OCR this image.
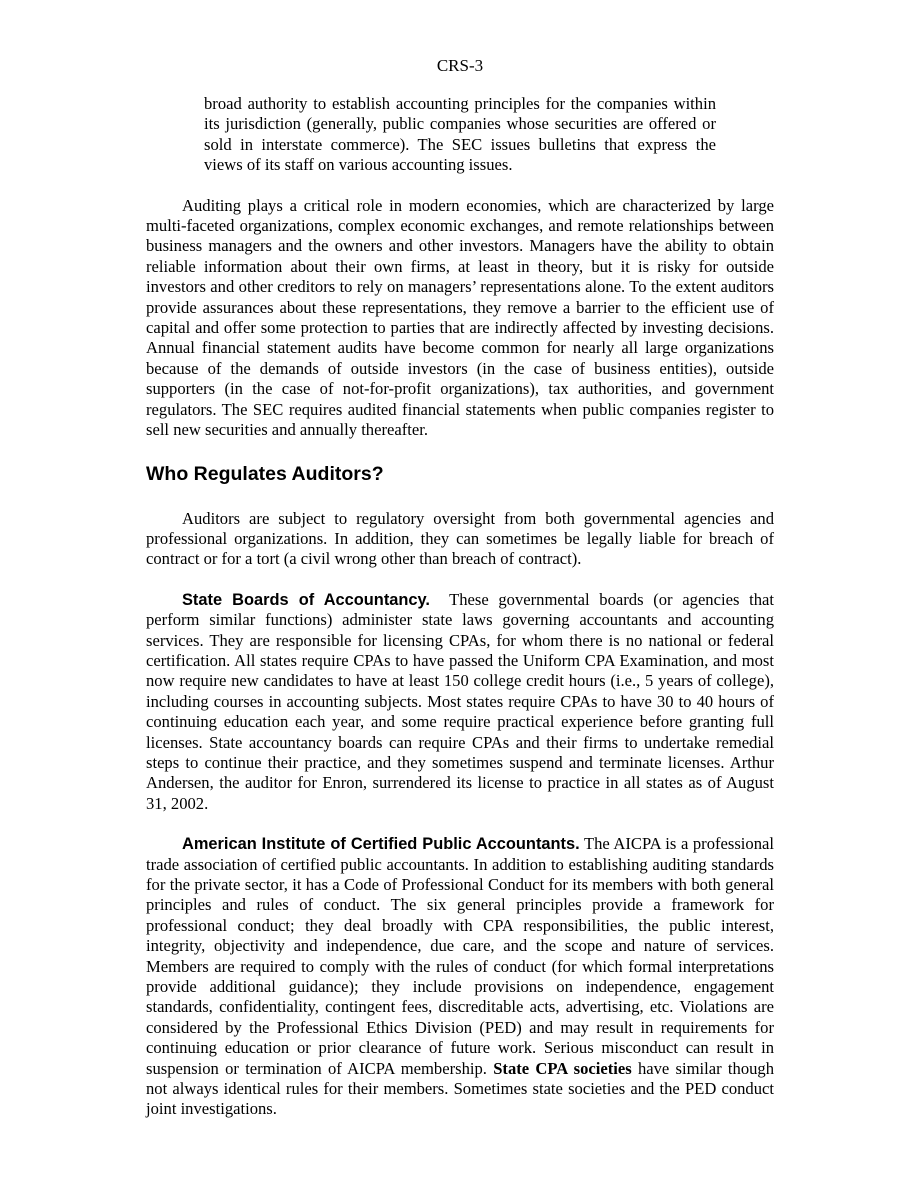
CRS-3

broad authority to establish accounting principles for the companies within its jurisdiction (generally, public companies whose securities are offered or sold in interstate commerce). The SEC issues bulletins that express the views of its staff on various accounting issues.

Auditing plays a critical role in modern economies, which are characterized by large multi-faceted organizations, complex economic exchanges, and remote relationships between business managers and the owners and other investors. Managers have the ability to obtain reliable information about their own firms, at least in theory, but it is risky for outside investors and other creditors to rely on managers’ representations alone. To the extent auditors provide assurances about these representations, they remove a barrier to the efficient use of capital and offer some protection to parties that are indirectly affected by investing decisions. Annual financial statement audits have become common for nearly all large organizations because of the demands of outside investors (in the case of business entities), outside supporters (in the case of not-for-profit organizations), tax authorities, and government regulators. The SEC requires audited financial statements when public companies register to sell new securities and annually thereafter.

Who Regulates Auditors?

Auditors are subject to regulatory oversight from both governmental agencies and professional organizations. In addition, they can sometimes be legally liable for breach of contract or for a tort (a civil wrong other than breach of contract).

State Boards of Accountancy. These governmental boards (or agencies that perform similar functions) administer state laws governing accountants and accounting services. They are responsible for licensing CPAs, for whom there is no national or federal certification. All states require CPAs to have passed the Uniform CPA Examination, and most now require new candidates to have at least 150 college credit hours (i.e., 5 years of college), including courses in accounting subjects. Most states require CPAs to have 30 to 40 hours of continuing education each year, and some require practical experience before granting full licenses. State accountancy boards can require CPAs and their firms to undertake remedial steps to continue their practice, and they sometimes suspend and terminate licenses. Arthur Andersen, the auditor for Enron, surrendered its license to practice in all states as of August 31, 2002.

American Institute of Certified Public Accountants. The AICPA is a professional trade association of certified public accountants. In addition to establishing auditing standards for the private sector, it has a Code of Professional Conduct for its members with both general principles and rules of conduct. The six general principles provide a framework for professional conduct; they deal broadly with CPA responsibilities, the public interest, integrity, objectivity and independence, due care, and the scope and nature of services. Members are required to comply with the rules of conduct (for which formal interpretations provide additional guidance); they include provisions on independence, engagement standards, confidentiality, contingent fees, discreditable acts, advertising, etc. Violations are considered by the Professional Ethics Division (PED) and may result in requirements for continuing education or prior clearance of future work. Serious misconduct can result in suspension or termination of AICPA membership. State CPA societies have similar though not always identical rules for their members. Sometimes state societies and the PED conduct joint investigations.
